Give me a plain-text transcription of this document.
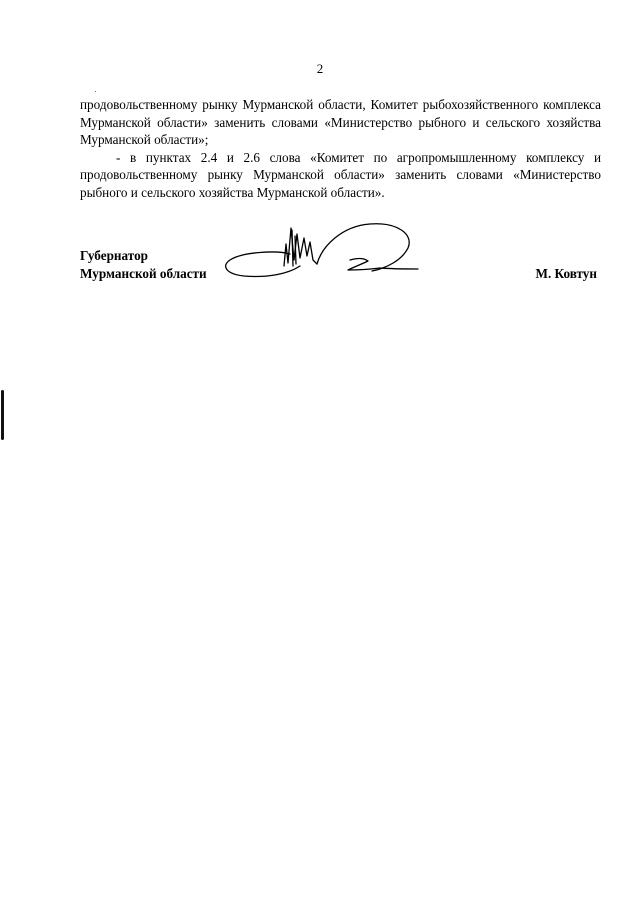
2

продовольственному рынку Мурманской области, Комитет рыбохозяйственного комплекса Мурманской области» заменить словами «Министерство рыбного и сельского хозяйства Мурманской области»;

- в пунктах 2.4 и 2.6 слова «Комитет по агропромышленному комплексу и продовольственному рынку Мурманской области» заменить словами «Министерство рыбного и сельского хозяйства Мурманской области».

Губернатор
Мурманской области	М. Ковтун
